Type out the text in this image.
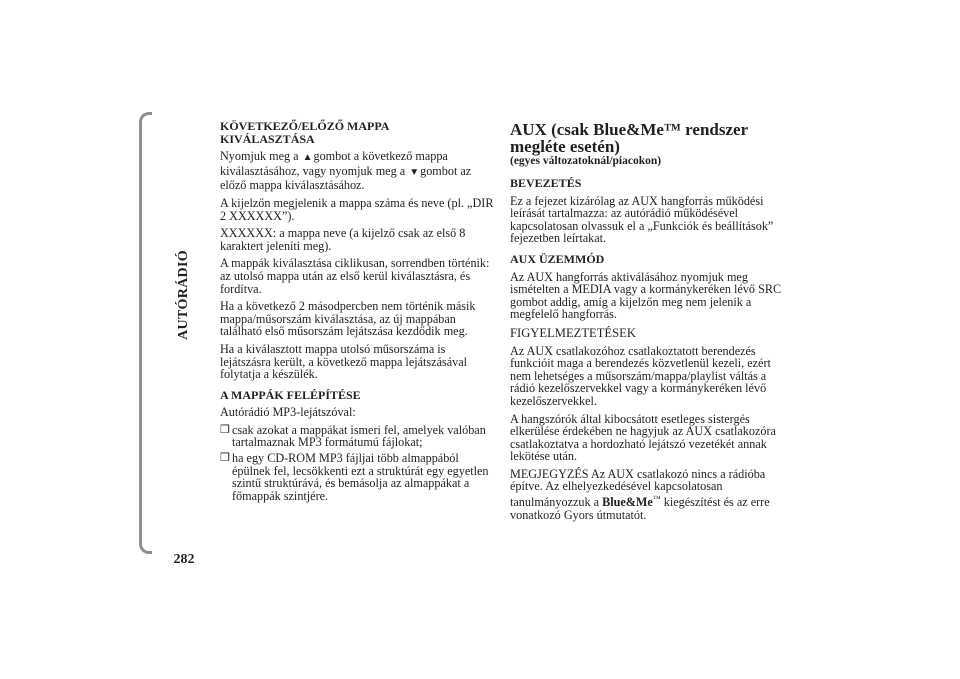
AUTÓRÁDIÓ
282
KÖVETKEZŐ/ELŐZŐ MAPPA
KIVÁLASZTÁSA

Nyomjuk meg a ▲gombot a következő mappa
kiválasztásához, vagy nyomjuk meg a ▼gombot az
előző mappa kiválasztásához.

A kijelzőn megjelenik a mappa száma és neve (pl. „DIR 2 XXXXXX”).

XXXXXX: a mappa neve (a kijelző csak az első 8 karaktert jeleníti meg).

A mappák kiválasztása ciklikusan, sorrendben történik: az utolsó mappa után az első kerül kiválasztásra, és fordítva.

Ha a következő 2 másodpercben nem történik másik mappa/műsorszám kiválasztása, az új mappában található első műsorszám lejátszása kezdődik meg.

Ha a kiválasztott mappa utolsó műsorszáma is lejátszásra került, a következő mappa lejátszásával folytatja a készülék.

A MAPPÁK FELÉPÍTÉSE

Autórádió MP3-lejátszóval:

❒ csak azokat a mappákat ismeri fel, amelyek valóban tartalmaznak MP3 formátumú fájlokat;
❒ ha egy CD-ROM MP3 fájljai több almappából épülnek fel, lecsökkenti ezt a struktúrát egy egyetlen szintű struktúrává, és bemásolja az almappákat a főmappák szintjére.
AUX (csak Blue&Me™ rendszer megléte esetén)
(egyes változatoknál/piacokon)
BEVEZETÉS

Ez a fejezet kizárólag az AUX hangforrás működési leírását tartalmazza: az autórádió működésével kapcsolatosan olvassuk el a „Funkciók és beállítások” fejezetben leírtakat.

AUX ÜZEMMÓD

Az AUX hangforrás aktiválásához nyomjuk meg ismételten a MEDIA vagy a kormánykeréken lévő SRC gombot addig, amíg a kijelzőn meg nem jelenik a megfelelő hangforrás.

FIGYELMEZTETÉSEK

Az AUX csatlakozóhoz csatlakoztatott berendezés funkcióit maga a berendezés közvetlenül kezeli, ezért nem lehetséges a műsorszám/mappa/playlist váltás a rádió kezelőszervekkel vagy a kormánykeréken lévő kezelőszervekkel.

A hangszórók által kibocsátott esetleges sistergés elkerülése érdekében ne hagyjuk az AUX csatlakozóra csatlakoztatva a hordozható lejátszó vezetékét annak lekötése után.

MEGJEGYZÉS Az AUX csatlakozó nincs a rádióba építve. Az elhelyezkedésével kapcsolatosan tanulmányozzuk a Blue&Me™ kiegészítést és az erre vonatkozó Gyors útmutatót.
